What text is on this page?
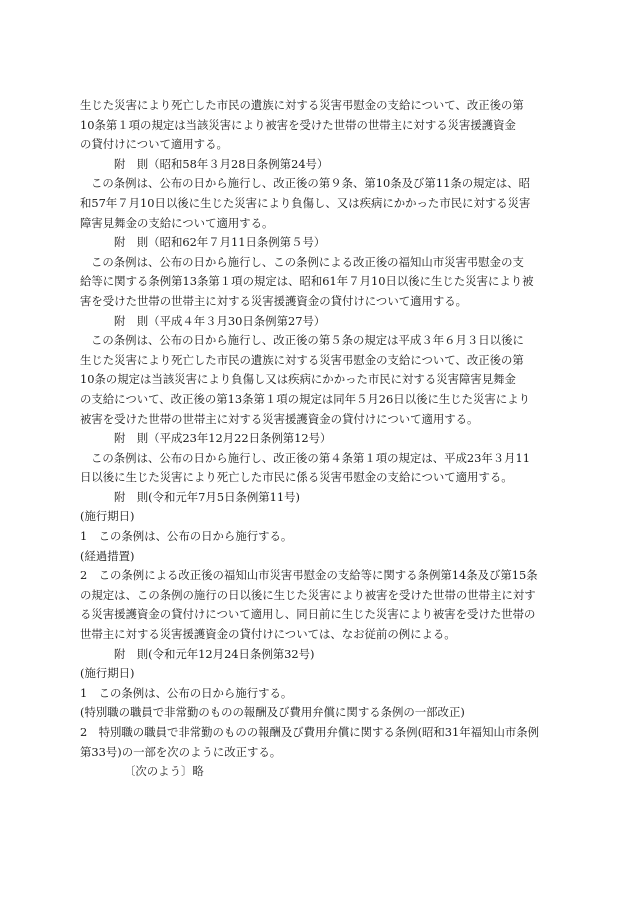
生じた災害により死亡した市民の遺族に対する災害弔慰金の支給について、改正後の第
10条第１項の規定は当該災害により被害を受けた世帯の世帯主に対する災害援護資金
の貸付けについて適用する。
附　則（昭和58年３月28日条例第24号）
この条例は、公布の日から施行し、改正後の第９条、第10条及び第11条の規定は、昭
和57年７月10日以後に生じた災害により負傷し、又は疾病にかかった市民に対する災害
障害見舞金の支給について適用する。
附　則（昭和62年７月11日条例第５号）
この条例は、公布の日から施行し、この条例による改正後の福知山市災害弔慰金の支
給等に関する条例第13条第１項の規定は、昭和61年７月10日以後に生じた災害により被
害を受けた世帯の世帯主に対する災害援護資金の貸付けについて適用する。
附　則（平成４年３月30日条例第27号）
この条例は、公布の日から施行し、改正後の第５条の規定は平成３年６月３日以後に
生じた災害により死亡した市民の遺族に対する災害弔慰金の支給について、改正後の第
10条の規定は当該災害により負傷し又は疾病にかかった市民に対する災害障害見舞金
の支給について、改正後の第13条第１項の規定は同年５月26日以後に生じた災害により
被害を受けた世帯の世帯主に対する災害援護資金の貸付けについて適用する。
附　則（平成23年12月22日条例第12号）
この条例は、公布の日から施行し、改正後の第４条第１項の規定は、平成23年３月11
日以後に生じた災害により死亡した市民に係る災害弔慰金の支給について適用する。
附　則(令和元年7月5日条例第11号)
(施行期日)
1　この条例は、公布の日から施行する。
(経過措置)
2　この条例による改正後の福知山市災害弔慰金の支給等に関する条例第14条及び第15条
の規定は、この条例の施行の日以後に生じた災害により被害を受けた世帯の世帯主に対す
る災害援護資金の貸付けについて適用し、同日前に生じた災害により被害を受けた世帯の
世帯主に対する災害援護資金の貸付けについては、なお従前の例による。
附　則(令和元年12月24日条例第32号)
(施行期日)
1　この条例は、公布の日から施行する。
(特別職の職員で非常勤のものの報酬及び費用弁償に関する条例の一部改正)
2　特別職の職員で非常勤のものの報酬及び費用弁償に関する条例(昭和31年福知山市条例
第33号)の一部を次のように改正する。
〔次のよう〕略
